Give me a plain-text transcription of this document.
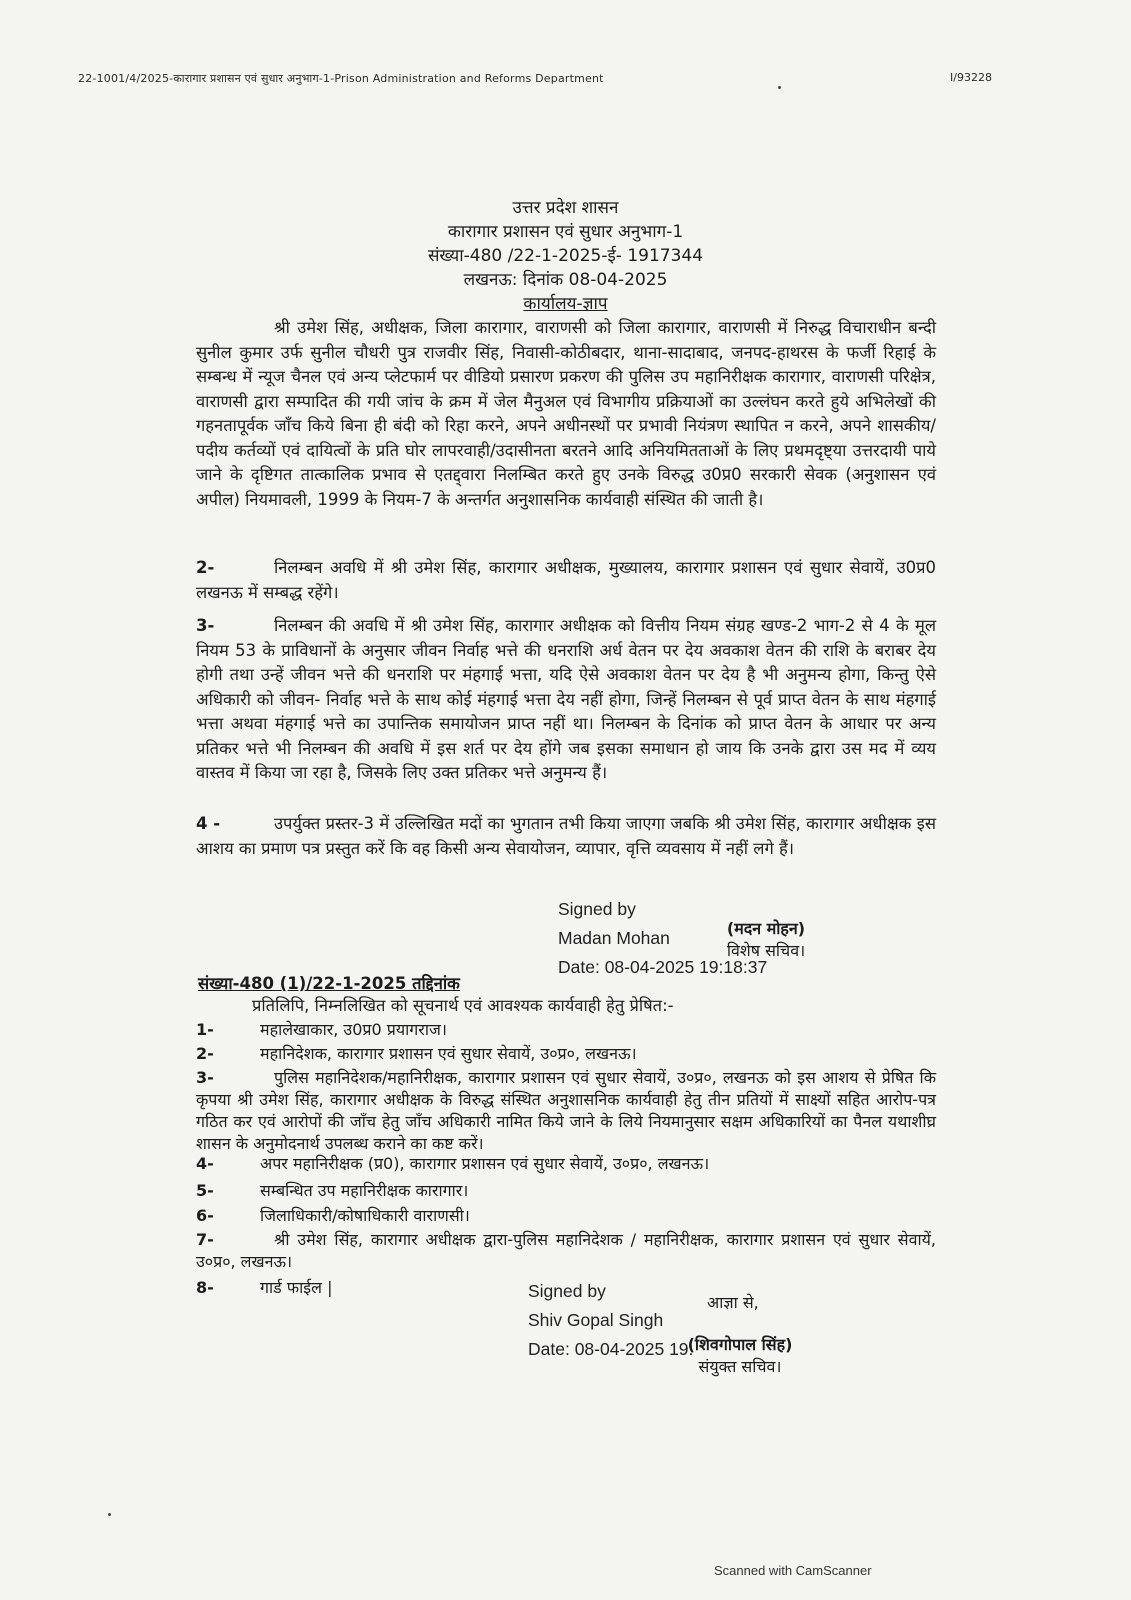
22-1001/4/2025-कारागार प्रशासन एवं सुधार अनुभाग-1-Prison Administration and Reforms Department	I/93228
उत्तर प्रदेश शासन
कारागार प्रशासन एवं सुधार अनुभाग-1
संख्या-480 /22-1-2025-ई- 1917344
लखनऊ: दिनांक 08-04-2025
कार्यालय-ज्ञाप
श्री उमेश सिंह, अधीक्षक, जिला कारागार, वाराणसी को जिला कारागार, वाराणसी में निरुद्ध विचाराधीन बन्दी सुनील कुमार उर्फ सुनील चौधरी पुत्र राजवीर सिंह, निवासी-कोठीबदार, थाना-सादाबाद, जनपद-हाथरस के फर्जी रिहाई के सम्बन्ध में न्यूज चैनल एवं अन्य प्लेटफार्म पर वीडियो प्रसारण प्रकरण की पुलिस उप महानिरीक्षक कारागार, वाराणसी परिक्षेत्र, वाराणसी द्वारा सम्पादित की गयी जांच के क्रम में जेल मैनुअल एवं विभागीय प्रक्रियाओं का उल्लंघन करते हुये अभिलेखों की गहनतापूर्वक जाँच किये बिना ही बंदी को रिहा करने, अपने अधीनस्थों पर प्रभावी नियंत्रण स्थापित न करने, अपने शासकीय/पदीय कर्तव्यों एवं दायित्वों के प्रति घोर लापरवाही/उदासीनता बरतने आदि अनियमितताओं के लिए प्रथमदृष्ट्या उत्तरदायी पाये जाने के दृष्टिगत तात्कालिक प्रभाव से एतद्द्वारा निलम्बित करते हुए उनके विरुद्ध उ0प्र0 सरकारी सेवक (अनुशासन एवं अपील) नियमावली, 1999 के नियम-7 के अन्तर्गत अनुशासनिक कार्यवाही संस्थित की जाती है।
2-	निलम्बन अवधि में श्री उमेश सिंह, कारागार अधीक्षक, मुख्यालय, कारागार प्रशासन एवं सुधार सेवायें, उ0प्र0 लखनऊ में सम्बद्ध रहेंगे।
3-	निलम्बन की अवधि में श्री उमेश सिंह, कारागार अधीक्षक को वित्तीय नियम संग्रह खण्ड-2 भाग-2 से 4 के मूल नियम 53 के प्राविधानों के अनुसार जीवन निर्वाह भत्ते की धनराशि अर्ध वेतन पर देय अवकाश वेतन की राशि के बराबर देय होगी तथा उन्हें जीवन भत्ते की धनराशि पर मंहगाई भत्ता, यदि ऐसे अवकाश वेतन पर देय है भी अनुमन्य होगा, किन्तु ऐसे अधिकारी को जीवन- निर्वाह भत्ते के साथ कोई मंहगाई भत्ता देय नहीं होगा, जिन्हें निलम्बन से पूर्व प्राप्त वेतन के साथ मंहगाई भत्ता अथवा मंहगाई भत्ते का उपान्तिक समायोजन प्राप्त नहीं था। निलम्बन के दिनांक को प्राप्त वेतन के आधार पर अन्य प्रतिकर भत्ते भी निलम्बन की अवधि में इस शर्त पर देय होंगे जब इसका समाधान हो जाय कि उनके द्वारा उस मद में व्यय वास्तव में किया जा रहा है, जिसके लिए उक्त प्रतिकर भत्ते अनुमन्य हैं।
4 -	उपर्युक्त प्रस्तर-3 में उल्लिखित मदों का भुगतान तभी किया जाएगा जबकि श्री उमेश सिंह, कारागार अधीक्षक इस आशय का प्रमाण पत्र प्रस्तुत करें कि वह किसी अन्य सेवायोजन, व्यापार, वृत्ति व्यवसाय में नहीं लगे हैं।
Signed by
Madan Mohan
Date: 08-04-2025 19:18:37
(मदन मोहन)
विशेष सचिव।
संख्या-480 (1)/22-1-2025 तद्दिनांक
प्रतिलिपि, निम्नलिखित को सूचनार्थ एवं आवश्यक कार्यवाही हेतु प्रेषित:-
1-	महालेखाकार, उ0प्र0 प्रयागराज।
2-	महानिदेशक, कारागार प्रशासन एवं सुधार सेवायें, उ०प्र०, लखनऊ।
3-	पुलिस महानिदेशक/महानिरीक्षक, कारागार प्रशासन एवं सुधार सेवायें, उ०प्र०, लखनऊ को इस आशय से प्रेषित कि कृपया श्री उमेश सिंह, कारागार अधीक्षक के विरुद्ध संस्थित अनुशासनिक कार्यवाही हेतु तीन प्रतियों में साक्ष्यों सहित आरोप-पत्र गठित कर एवं आरोपों की जाँच हेतु जाँच अधिकारी नामित किये जाने के लिये नियमानुसार सक्षम अधिकारियों का पैनल यथाशीघ्र शासन के अनुमोदनार्थ उपलब्ध कराने का कष्ट करें।
4-	अपर महानिरीक्षक (प्र0), कारागार प्रशासन एवं सुधार सेवायें, उ०प्र०, लखनऊ।
5-	सम्बन्धित उप महानिरीक्षक कारागार।
6-	जिलाधिकारी/कोषाधिकारी वाराणसी।
7-	श्री उमेश सिंह, कारागार अधीक्षक द्वारा-पुलिस महानिदेशक / महानिरीक्षक, कारागार प्रशासन एवं सुधार सेवायें, उ०प्र०, लखनऊ।
8-	गार्ड फाईल |	Signed by
Shiv Gopal Singh
Date: 08-04-2025 19:
आज्ञा से,
(शिवगोपाल सिंह)
संयुक्त सचिव।
Scanned with CamScanner
